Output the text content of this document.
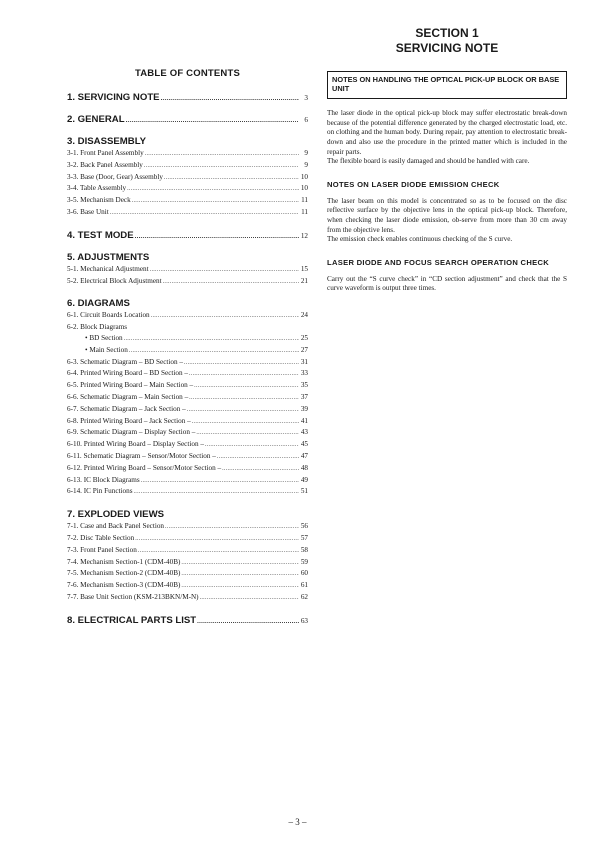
TABLE OF CONTENTS
1. SERVICING NOTE .....	3
2. GENERAL .....	6
3. DISASSEMBLY
3-1. Front Panel Assembly .....	9
3-2. Back Panel Assembly .....	9
3-3. Base (Door, Gear) Assembly .....	10
3-4. Table Assembly .....	10
3-5. Mechanism Deck .....	11
3-6. Base Unit .....	11
4. TEST MODE .....	12
5. ADJUSTMENTS
5-1. Mechanical Adjustment .....	15
5-2. Electrical Block Adjustment .....	21
6. DIAGRAMS
6-1. Circuit Boards Location .....	24
6-2. Block Diagrams
• BD Section .....	25
• Main Section .....	27
6-3. Schematic Diagram – BD Section – .....	31
6-4. Printed Wiring Board – BD Section – .....	33
6-5. Printed Wiring Board – Main Section – .....	35
6-6. Schematic Diagram – Main Section – .....	37
6-7. Schematic Diagram – Jack Section – .....	39
6-8. Printed Wiring Board – Jack Section – .....	41
6-9. Schematic Diagram – Display Section – .....	43
6-10. Printed Wiring Board – Display Section – .....	45
6-11. Schematic Diagram – Sensor/Motor Section – .....	47
6-12. Printed Wiring Board – Sensor/Motor Section – .....	48
6-13. IC Block Diagrams .....	49
6-14. IC Pin Functions .....	51
7. EXPLODED VIEWS
7-1. Case and Back Panel Section .....	56
7-2. Disc Table Section .....	57
7-3. Front Panel Section .....	58
7-4. Mechanism Section-1 (CDM-40B) .....	59
7-5. Mechanism Section-2 (CDM-40B) .....	60
7-6. Mechanism Section-3 (CDM-40B) .....	61
7-7. Base Unit Section (KSM-213BKN/M-N) .....	62
8. ELECTRICAL PARTS LIST .....	63
SECTION 1
SERVICING NOTE
NOTES ON HANDLING THE OPTICAL PICK-UP BLOCK OR BASE UNIT

The laser diode in the optical pick-up block may suffer electrostatic break-down because of the potential difference generated by the charged electrostatic load, etc. on clothing and the human body. During repair, pay attention to electrostatic break-down and also use the procedure in the printed matter which is included in the repair parts.

The flexible board is easily damaged and should be handled with care.

NOTES ON LASER DIODE EMISSION CHECK

The laser beam on this model is concentrated so as to be focused on the disc reflective surface by the objective lens in the optical pick-up block. Therefore, when checking the laser diode emission, ob-serve from more than 30 cm away from the objective lens.

The emission check enables continuous checking of the S curve.

LASER DIODE AND FOCUS SEARCH OPERATION CHECK

Carry out the “S curve check” in “CD section adjustment” and check that the S curve waveform is output three times.

– 3 –
